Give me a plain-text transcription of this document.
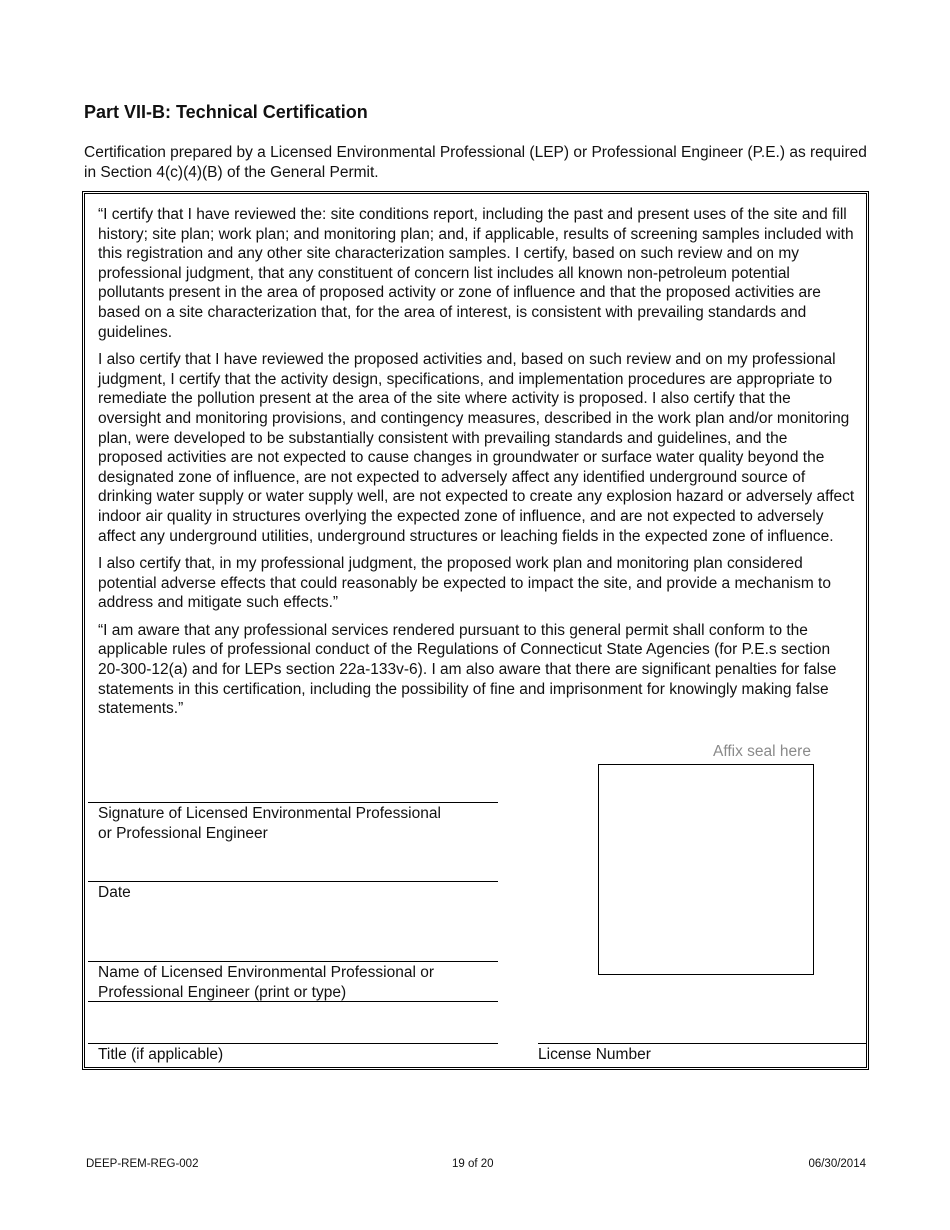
Part VII-B: Technical Certification

Certification prepared by a Licensed Environmental Professional (LEP) or Professional Engineer (P.E.) as required in Section 4(c)(4)(B) of the General Permit.

“I certify that I have reviewed the: site conditions report, including the past and present uses of the site and fill history; site plan; work plan; and monitoring plan; and, if applicable, results of screening samples included with this registration and any other site characterization samples. I certify, based on such review and on my professional judgment, that any constituent of concern list includes all known non-petroleum potential pollutants present in the area of proposed activity or zone of influence and that the proposed activities are based on a site characterization that, for the area of interest, is consistent with prevailing standards and guidelines.

I also certify that I have reviewed the proposed activities and, based on such review and on my professional judgment, I certify that the activity design, specifications, and implementation procedures are appropriate to remediate the pollution present at the area of the site where activity is proposed. I also certify that the oversight and monitoring provisions, and contingency measures, described in the work plan and/or monitoring plan, were developed to be substantially consistent with prevailing standards and guidelines, and the proposed activities are not expected to cause changes in groundwater or surface water quality beyond the designated zone of influence, are not expected to adversely affect any identified underground source of drinking water supply or water supply well, are not expected to create any explosion hazard or adversely affect indoor air quality in structures overlying the expected zone of influence, and are not expected to adversely affect any underground utilities, underground structures or leaching fields in the expected zone of influence.

I also certify that, in my professional judgment, the proposed work plan and monitoring plan considered potential adverse effects that could reasonably be expected to impact the site, and provide a mechanism to address and mitigate such effects.”

“I am aware that any professional services rendered pursuant to this general permit shall conform to the applicable rules of professional conduct of the Regulations of Connecticut State Agencies (for P.E.s section 20-300-12(a) and for LEPs section 22a-133v-6). I am also aware that there are significant penalties for false statements in this certification, including the possibility of fine and imprisonment for knowingly making false statements.”

Affix seal here
Signature of Licensed Environmental Professional
or Professional Engineer
Date
Name of Licensed Environmental Professional or
Professional Engineer (print or type)
Title (if applicable)	License Number
DEEP-REM-REG-002	19 of 20	06/30/2014
